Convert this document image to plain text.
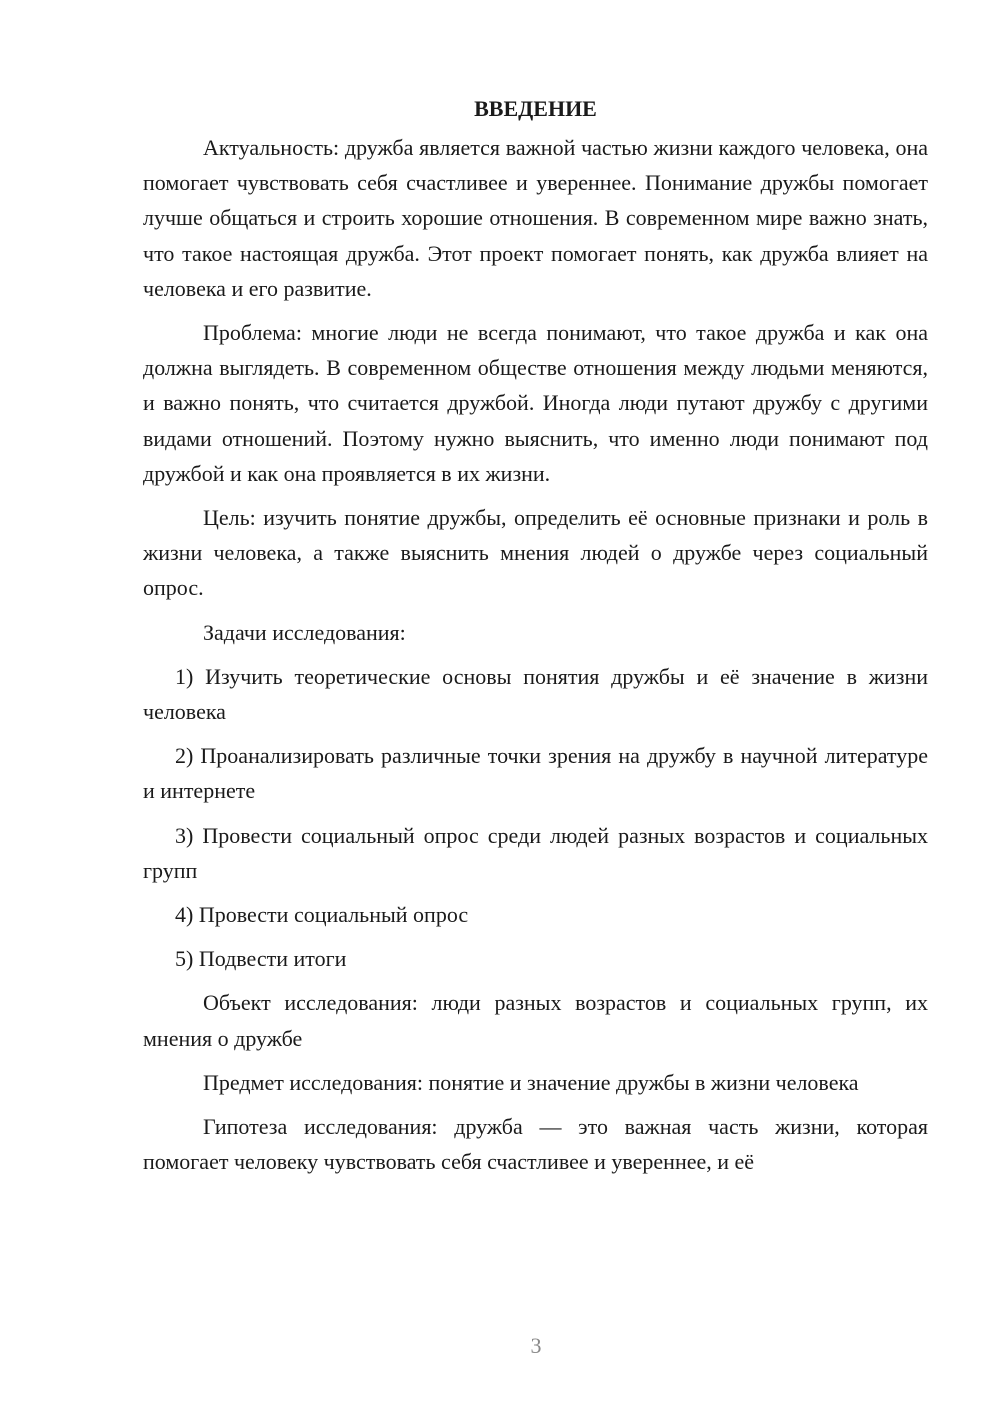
ВВЕДЕНИЕ

Актуальность: дружба является важной частью жизни каждого человека, она помогает чувствовать себя счастливее и увереннее. Понимание дружбы помогает лучше общаться и строить хорошие отношения. В современном мире важно знать, что такое настоящая дружба. Этот проект помогает понять, как дружба влияет на человека и его развитие.

Проблема: многие люди не всегда понимают, что такое дружба и как она должна выглядеть. В современном обществе отношения между людьми меняются, и важно понять, что считается дружбой. Иногда люди путают дружбу с другими видами отношений. Поэтому нужно выяснить, что именно люди понимают под дружбой и как она проявляется в их жизни.

Цель: изучить понятие дружбы, определить её основные признаки и роль в жизни человека, а также выяснить мнения людей о дружбе через социальный опрос.

Задачи исследования:

1) Изучить теоретические основы понятия дружбы и её значение в жизни человека

2) Проанализировать различные точки зрения на дружбу в научной литературе и интернете

3) Провести социальный опрос среди людей разных возрастов и социальных групп

4) Провести социальный опрос

5) Подвести итоги

Объект исследования: люди разных возрастов и социальных групп, их мнения о дружбе

Предмет исследования: понятие и значение дружбы в жизни человека

Гипотеза исследования: дружба — это важная часть жизни, которая помогает человеку чувствовать себя счастливее и увереннее, и её

3
